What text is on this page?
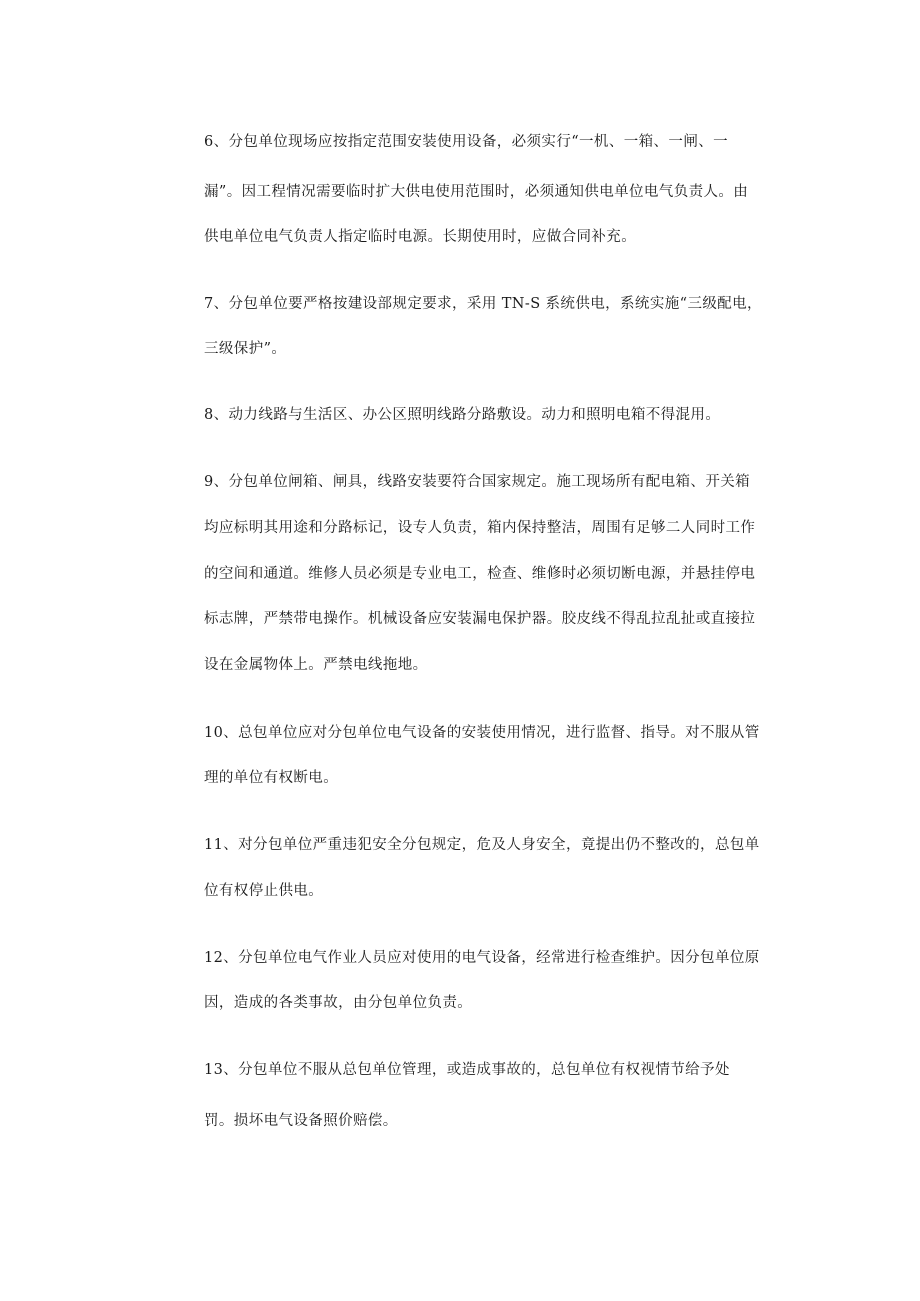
6、分包单位现场应按指定范围安装使用设备，必须实行“一机、一箱、一闸、一
漏”。因工程情况需要临时扩大供电使用范围时，必须通知供电单位电气负责人。由
供电单位电气负责人指定临时电源。长期使用时，应做合同补充。
7、分包单位要严格按建设部规定要求，采用 TN-S 系统供电，系统实施“三级配电，
三级保护”。
8、动力线路与生活区、办公区照明线路分路敷设。动力和照明电箱不得混用。
9、分包单位闸箱、闸具，线路安装要符合国家规定。施工现场所有配电箱、开关箱
均应标明其用途和分路标记，设专人负责，箱内保持整洁，周围有足够二人同时工作
的空间和通道。维修人员必须是专业电工，检查、维修时必须切断电源，并悬挂停电
标志牌，严禁带电操作。机械设备应安装漏电保护器。胶皮线不得乱拉乱扯或直接拉
设在金属物体上。严禁电线拖地。
10、总包单位应对分包单位电气设备的安装使用情况，进行监督、指导。对不服从管
理的单位有权断电。
11、对分包单位严重违犯安全分包规定，危及人身安全，竟提出仍不整改的，总包单
位有权停止供电。
12、分包单位电气作业人员应对使用的电气设备，经常进行检查维护。因分包单位原
因，造成的各类事故，由分包单位负责。
13、分包单位不服从总包单位管理，或造成事故的，总包单位有权视情节给予处
罚。损坏电气设备照价赔偿。
